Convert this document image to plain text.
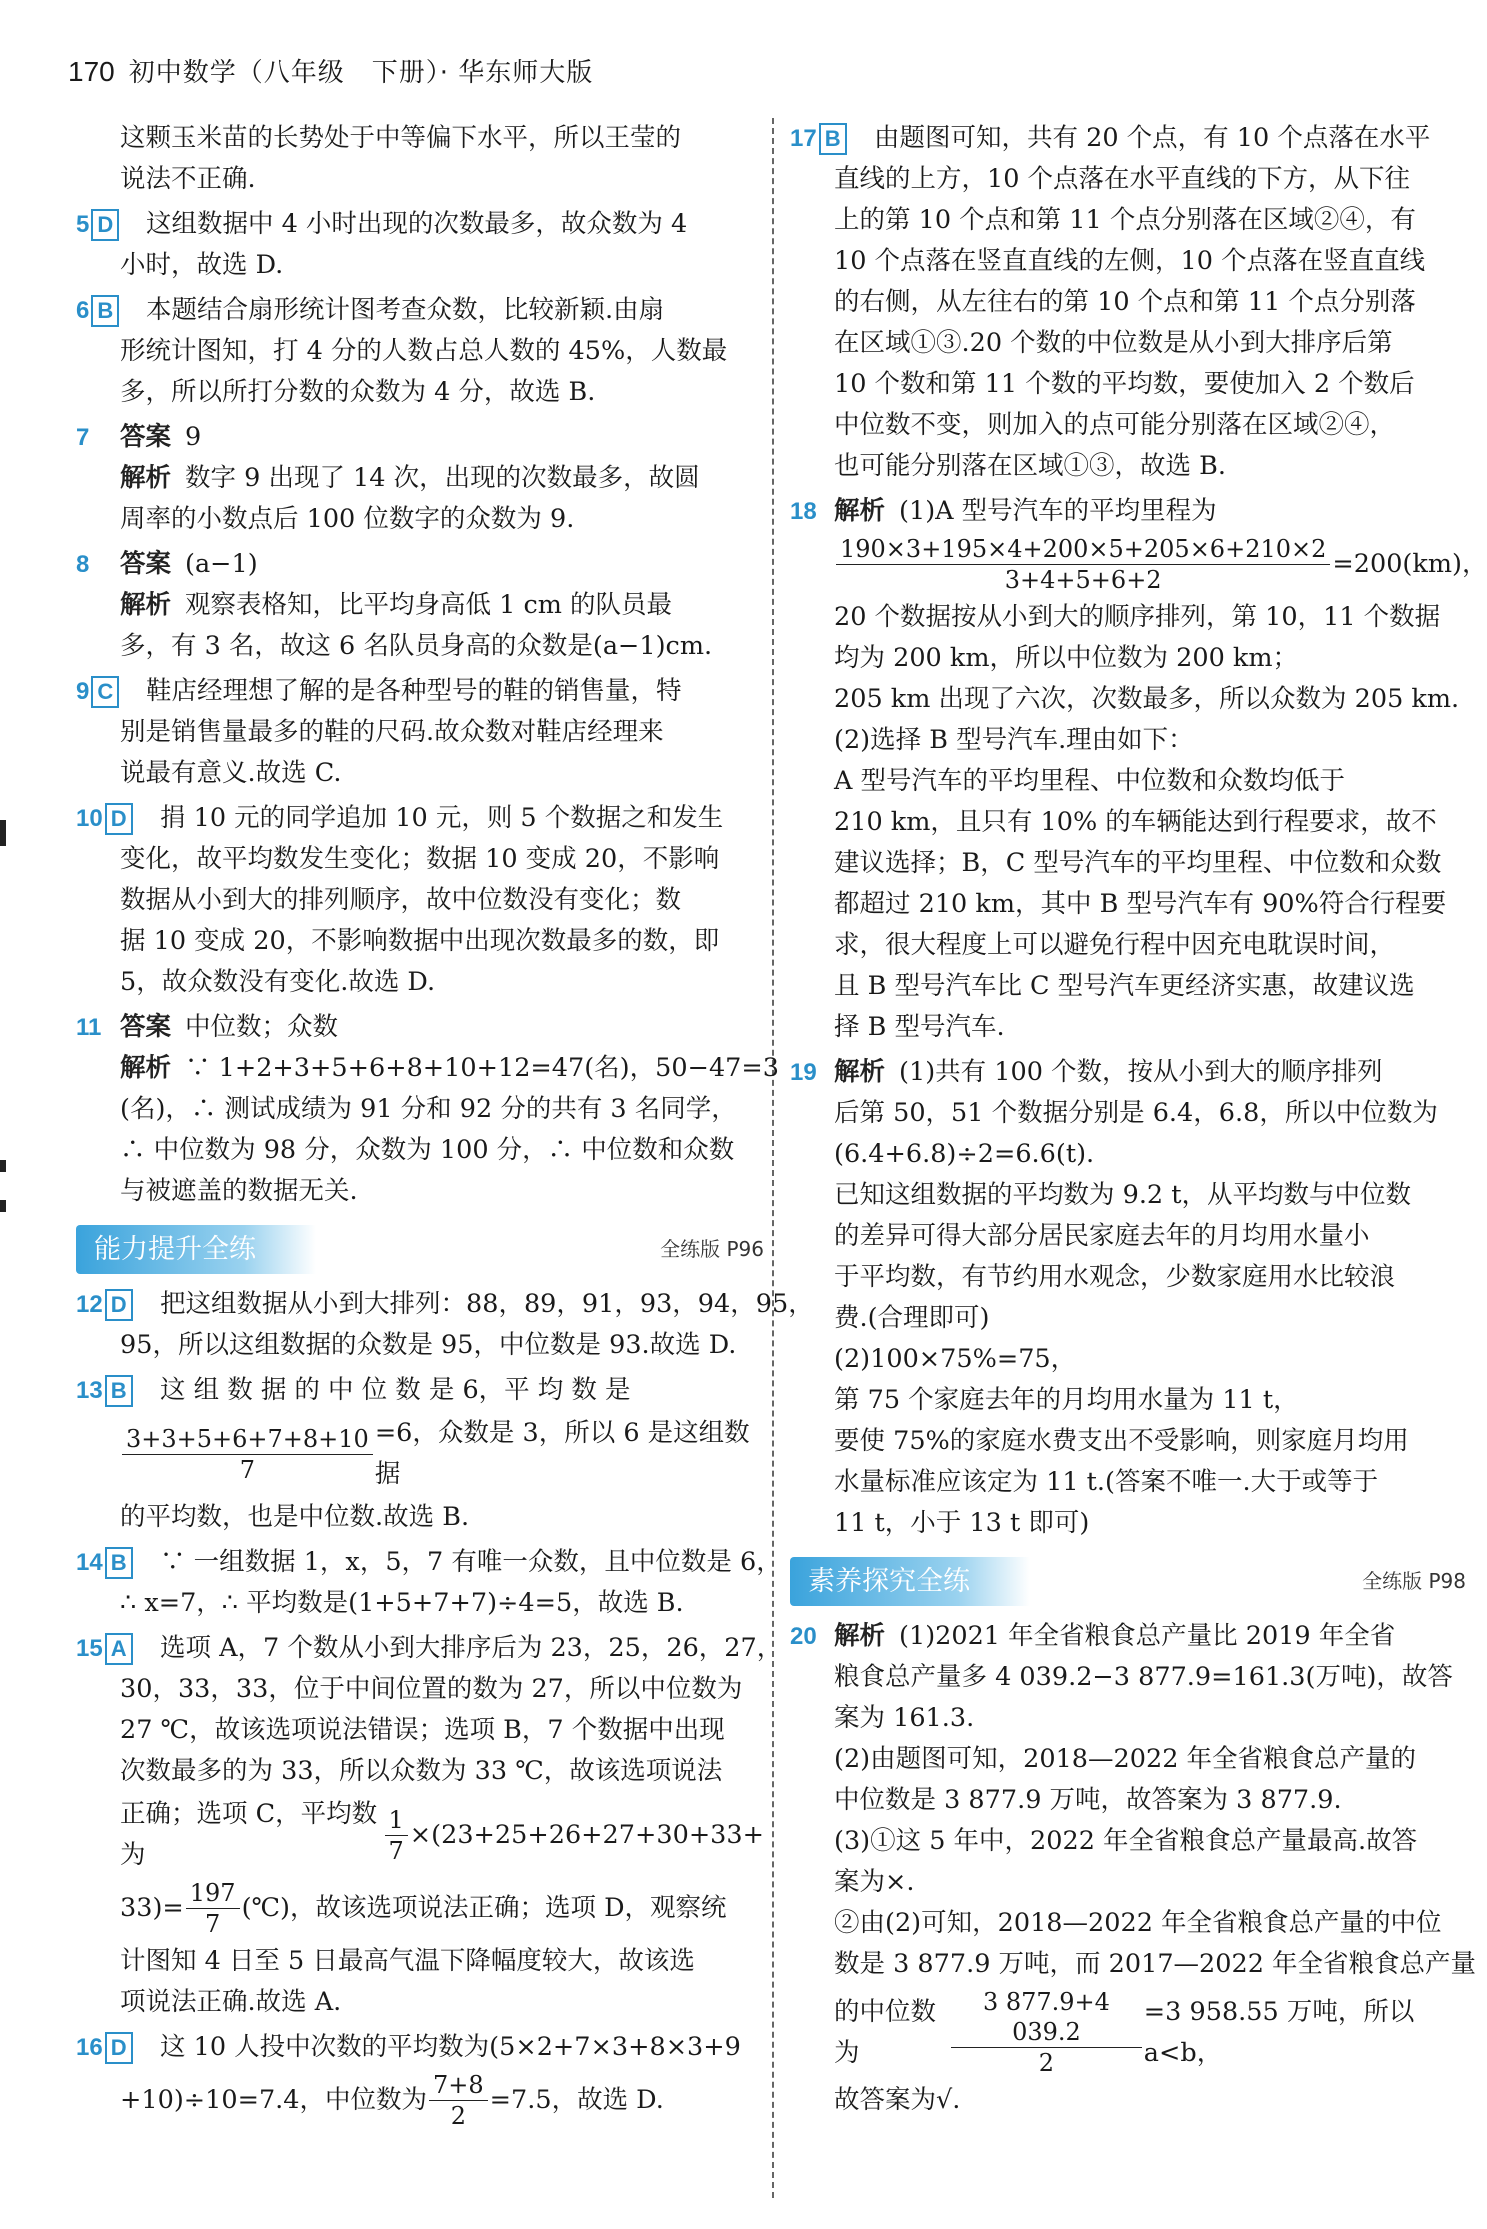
170 初中数学（八年级　下册）· 华东师大版
这颗玉米苗的长势处于中等偏下水平，所以王莹的
说法不正确.
5 D	这组数据中 4 小时出现的次数最多，故众数为 4
小时，故选 D.
6 B	本题结合扇形统计图考查众数，比较新颖.由扇
形统计图知，打 4 分的人数占总人数的 45%，人数最
多，所以所打分数的众数为 4 分，故选 B.
7 答案 9
解析 数字 9 出现了 14 次，出现的次数最多，故圆
周率的小数点后 100 位数字的众数为 9.
8 答案 (a−1)
解析 观察表格知，比平均身高低 1 cm 的队员最
多，有 3 名，故这 6 名队员身高的众数是(a−1)cm.
9 C	鞋店经理想了解的是各种型号的鞋的销售量，特
别是销售量最多的鞋的尺码.故众数对鞋店经理来
说最有意义.故选 C.
10 D	捐 10 元的同学追加 10 元，则 5 个数据之和发生
变化，故平均数发生变化；数据 10 变成 20，不影响
数据从小到大的排列顺序，故中位数没有变化；数
据 10 变成 20，不影响数据中出现次数最多的数，即
5，故众数没有变化.故选 D.
11 答案 中位数；众数
解析 ∵ 1+2+3+5+6+8+10+12=47(名)，50−47=3
(名)，∴ 测试成绩为 91 分和 92 分的共有 3 名同学，
∴ 中位数为 98 分，众数为 100 分，∴ 中位数和众数
与被遮盖的数据无关.
能力提升全练	全练版 P96
12 D	把这组数据从小到大排列：88，89，91，93，94，95，
95，所以这组数据的众数是 95，中位数是 93.故选 D.
13 B	这 组 数 据 的 中 位 数 是 6，平 均 数 是
$\frac{3+3+5+6+7+8+10}{7} =6$，众数是 3，所以 6 是这组数据
的平均数，也是中位数.故选 B.
14 B	∵ 一组数据 1，x，5，7 有唯一众数，且中位数是 6，
∴ x=7，∴ 平均数是(1+5+7+7)÷4=5，故选 B.
15 A	选项 A，7 个数从小到大排序后为 23，25，26，27，
30，33，33，位于中间位置的数为 27，所以中位数为
27 ℃，故该选项说法错误；选项 B，7 个数据中出现
次数最多的为 33，所以众数为 33 ℃，故该选项说法
正确；选项 C，平均数为	$\frac{1}{7} \times(23+25+26+27+30+33+$
$33)= \frac{197}{7}$ (℃)，故该选项说法正确；选项 D，观察统
计图知 4 日至 5 日最高气温下降幅度较大，故该选
项说法正确.故选 A.
16 D	这 10 人投中次数的平均数为(5×2+7×3+8×3+9
+10)÷10=7.4，中位数为 $\frac{7+8}{2} =7.5$，故选 D.
17 B	由题图可知，共有 20 个点，有 10 个点落在水平
直线的上方，10 个点落在水平直线的下方，从下往
上的第 10 个点和第 11 个点分别落在区域②④，有
10 个点落在竖直直线的左侧，10 个点落在竖直直线
的右侧，从左往右的第 10 个点和第 11 个点分别落
在区域①③.20 个数的中位数是从小到大排序后第
10 个数和第 11 个数的平均数，要使加入 2 个数后
中位数不变，则加入的点可能分别落在区域②④，
也可能分别落在区域①③，故选 B.
18 解析 (1)A 型号汽车的平均里程为
$\frac{190\times 3+195\times 4+200\times 5+205\times 6+210\times 2}{3+4+5+6+2} =200(km)$，
20 个数据按从小到大的顺序排列，第 10，11 个数据
均为 200 km，所以中位数为 200 km；
205 km 出现了六次，次数最多，所以众数为 205 km.
(2)选择 B 型号汽车.理由如下：
A 型号汽车的平均里程、中位数和众数均低于
210 km，且只有 10% 的车辆能达到行程要求，故不
建议选择；B，C 型号汽车的平均里程、中位数和众数
都超过 210 km，其中 B 型号汽车有 90%符合行程要
求，很大程度上可以避免行程中因充电耽误时间，
且 B 型号汽车比 C 型号汽车更经济实惠，故建议选
择 B 型号汽车.
19 解析 (1)共有 100 个数，按从小到大的顺序排列
后第 50，51 个数据分别是 6.4，6.8，所以中位数为
(6.4+6.8)÷2=6.6(t).
已知这组数据的平均数为 9.2 t，从平均数与中位数
的差异可得大部分居民家庭去年的月均用水量小
于平均数，有节约用水观念，少数家庭用水比较浪
费.(合理即可)
(2)100×75%=75，
第 75 个家庭去年的月均用水量为 11 t，
要使 75%的家庭水费支出不受影响，则家庭月均用
水量标准应该定为 11 t.(答案不唯一.大于或等于
11 t，小于 13 t 即可)
素养探究全练	全练版 P98
20 解析 (1)2021 年全省粮食总产量比 2019 年全省
粮食总产量多 4 039.2−3 877.9=161.3(万吨)，故答
案为 161.3.
(2)由题图可知，2018—2022 年全省粮食总产量的
中位数是 3 877.9 万吨，故答案为 3 877.9.
(3)①这 5 年中，2022 年全省粮食总产量最高.故答
案为×.
②由(2)可知，2018—2022 年全省粮食总产量的中位
数是 3 877.9 万吨，而 2017—2022 年全省粮食总产量
的中位数为	$\frac{3 877.9+4 039.2}{2} =3$ 958.55 万吨，所以 a<b，
故答案为√.
